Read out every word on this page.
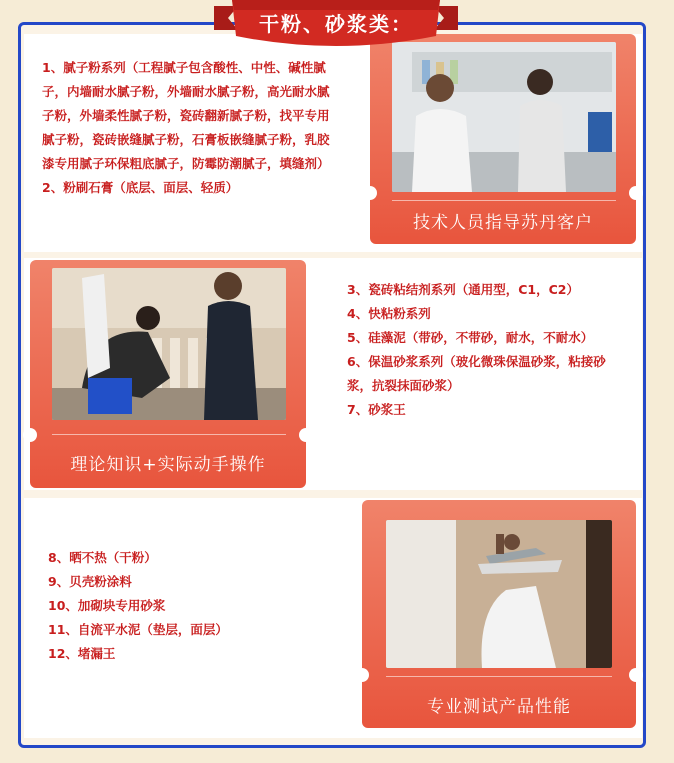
1、腻子粉系列（工程腻子包含酸性、中性、碱性腻子，内墙耐水腻子粉，外墙耐水腻子粉，高光耐水腻子粉，外墙柔性腻子粉，瓷砖翻新腻子粉，找平专用腻子粉，瓷砖嵌缝腻子粉，石膏板嵌缝腻子粉，乳胶漆专用腻子环保粗底腻子，防霉防潮腻子，填缝剂）
2、粉刷石膏（底层、面层、轻质）
技术人员指导苏丹客户
理论知识+实际动手操作
3、瓷砖粘结剂系列（通用型，C1，C2）
4、快粘粉系列
5、硅藻泥（带砂，不带砂，耐水，不耐水）
6、保温砂浆系列（玻化微珠保温砂浆，粘接砂浆，抗裂抹面砂浆）
7、砂浆王
8、晒不热（干粉）
9、贝壳粉涂料
10、加砌块专用砂浆
11、自流平水泥（垫层，面层）
12、堵漏王
专业测试产品性能
干粉、砂浆类：
